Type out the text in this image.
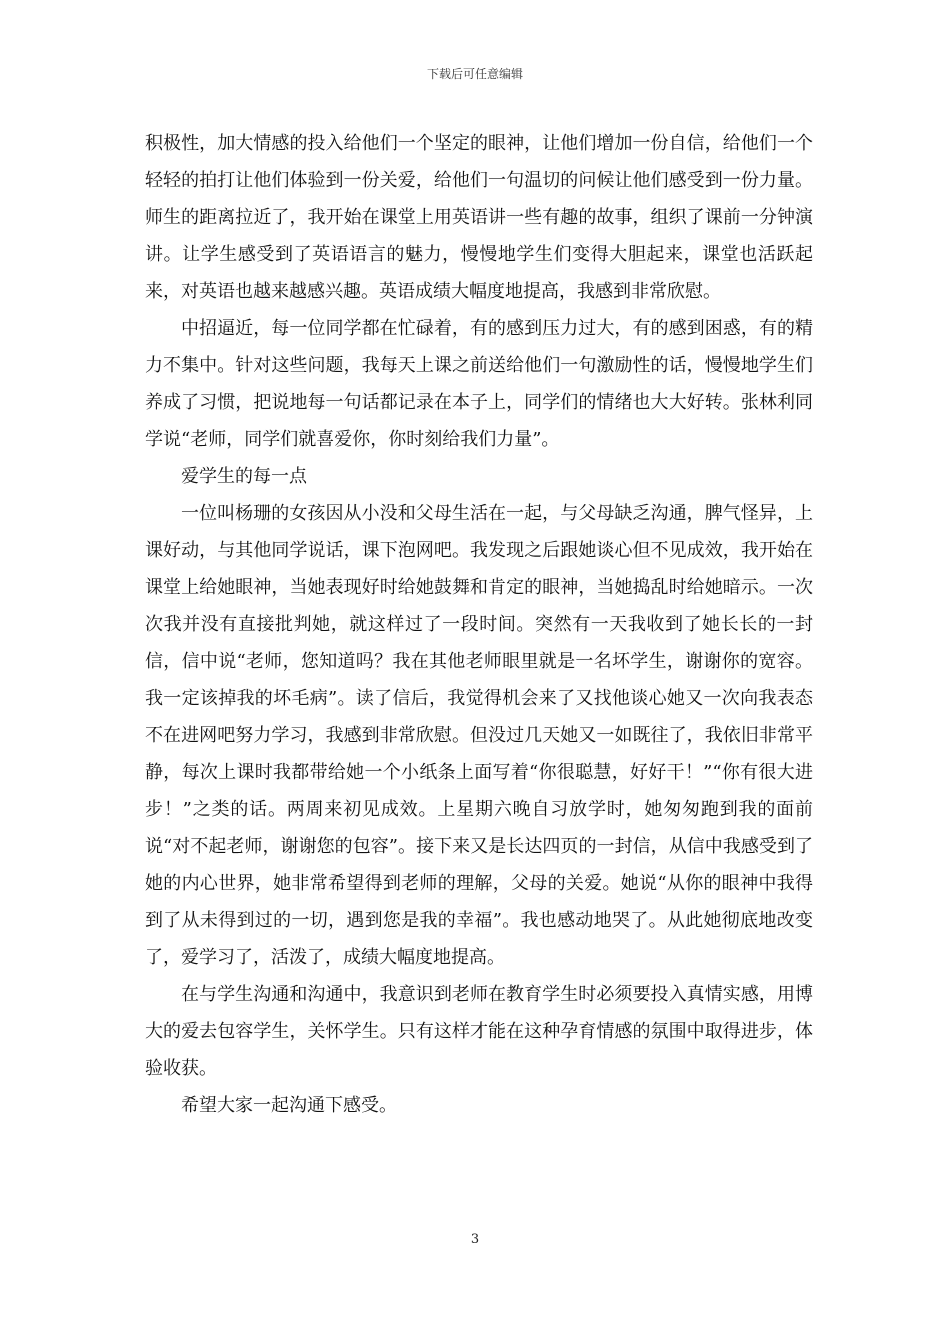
下载后可任意编辑

积极性，加大情感的投入给他们一个坚定的眼神，让他们增加一份自信，给他们一个轻轻的拍打让他们体验到一份关爱，给他们一句温切的问候让他们感受到一份力量。师生的距离拉近了，我开始在课堂上用英语讲一些有趣的故事，组织了课前一分钟演讲。让学生感受到了英语语言的魅力，慢慢地学生们变得大胆起来，课堂也活跃起来，对英语也越来越感兴趣。英语成绩大幅度地提高，我感到非常欣慰。

中招逼近，每一位同学都在忙碌着，有的感到压力过大，有的感到困惑，有的精力不集中。针对这些问题，我每天上课之前送给他们一句激励性的话，慢慢地学生们养成了习惯，把说地每一句话都记录在本子上，同学们的情绪也大大好转。张林利同学说“老师，同学们就喜爱你，你时刻给我们力量”。

爱学生的每一点

一位叫杨珊的女孩因从小没和父母生活在一起，与父母缺乏沟通，脾气怪异，上课好动，与其他同学说话，课下泡网吧。我发现之后跟她谈心但不见成效，我开始在课堂上给她眼神，当她表现好时给她鼓舞和肯定的眼神，当她捣乱时给她暗示。一次次我并没有直接批判她，就这样过了一段时间。突然有一天我收到了她长长的一封信，信中说“老师，您知道吗？我在其他老师眼里就是一名坏学生，谢谢你的宽容。我一定该掉我的坏毛病”。读了信后，我觉得机会来了又找他谈心她又一次向我表态不在进网吧努力学习，我感到非常欣慰。但没过几天她又一如既往了，我依旧非常平静，每次上课时我都带给她一个小纸条上面写着“你很聪慧，好好干！”“你有很大进步！”之类的话。两周来初见成效。上星期六晚自习放学时，她匆匆跑到我的面前说“对不起老师，谢谢您的包容”。接下来又是长达四页的一封信，从信中我感受到了她的内心世界，她非常希望得到老师的理解，父母的关爱。她说“从你的眼神中我得到了从未得到过的一切，遇到您是我的幸福”。我也感动地哭了。从此她彻底地改变了，爱学习了，活泼了，成绩大幅度地提高。

在与学生沟通和沟通中，我意识到老师在教育学生时必须要投入真情实感，用博大的爱去包容学生，关怀学生。只有这样才能在这种孕育情感的氛围中取得进步，体验收获。

希望大家一起沟通下感受。

3
